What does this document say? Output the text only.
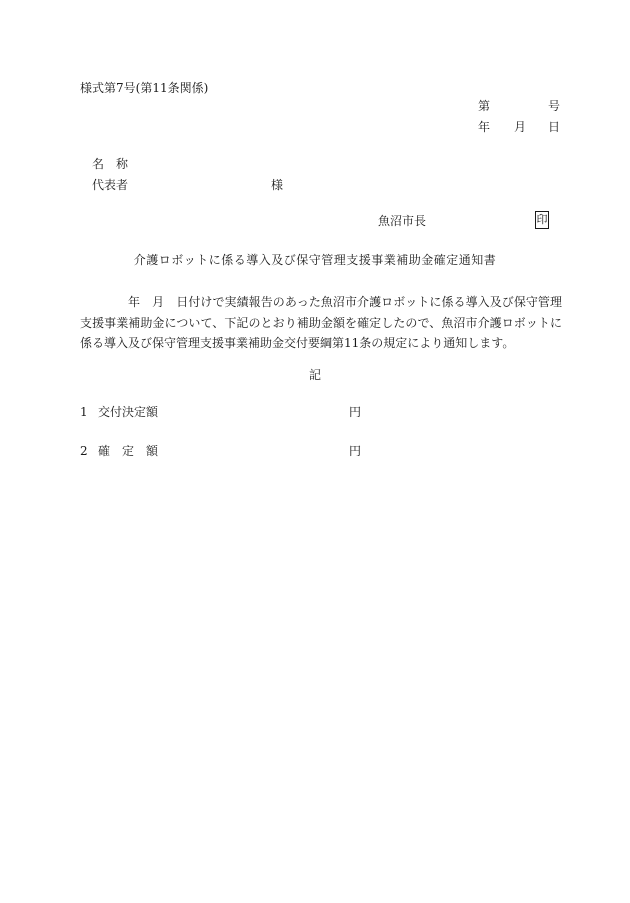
様式第7号(第11条関係)
第	号
年 月 日
名称
代表者	様
魚沼市長	印
介護ロボットに係る導入及び保守管理支援事業補助金確定通知書
年　月　日付けで実績報告のあった魚沼市介護ロボットに係る導入及び保守管理支援事業補助金について、下記のとおり補助金額を確定したので、魚沼市介護ロボットに係る導入及び保守管理支援事業補助金交付要綱第11条の規定により通知します。
記
1 交付決定額	円
2 確定額	円
